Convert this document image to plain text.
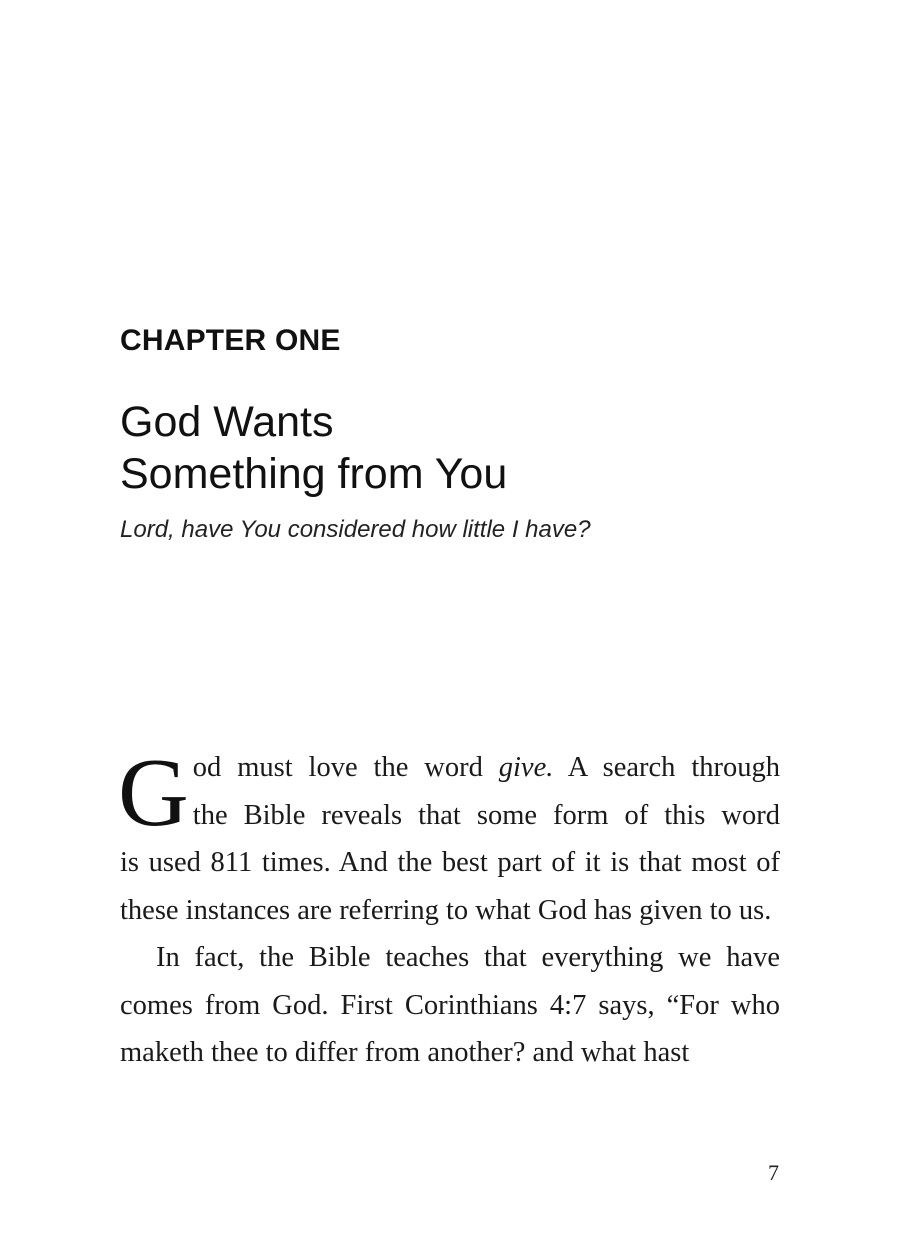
CHAPTER ONE
God Wants
Something from You
Lord, have You considered how little I have?

G od must love the word give. A search through
the Bible reveals that some form of this word
is used 811 times. And the best part of it is that most of these instances are referring to what God has given to us.

In fact, the Bible teaches that everything we have comes from God. First Corinthians 4:7 says, “For who maketh thee to differ from another? and what hast

7
